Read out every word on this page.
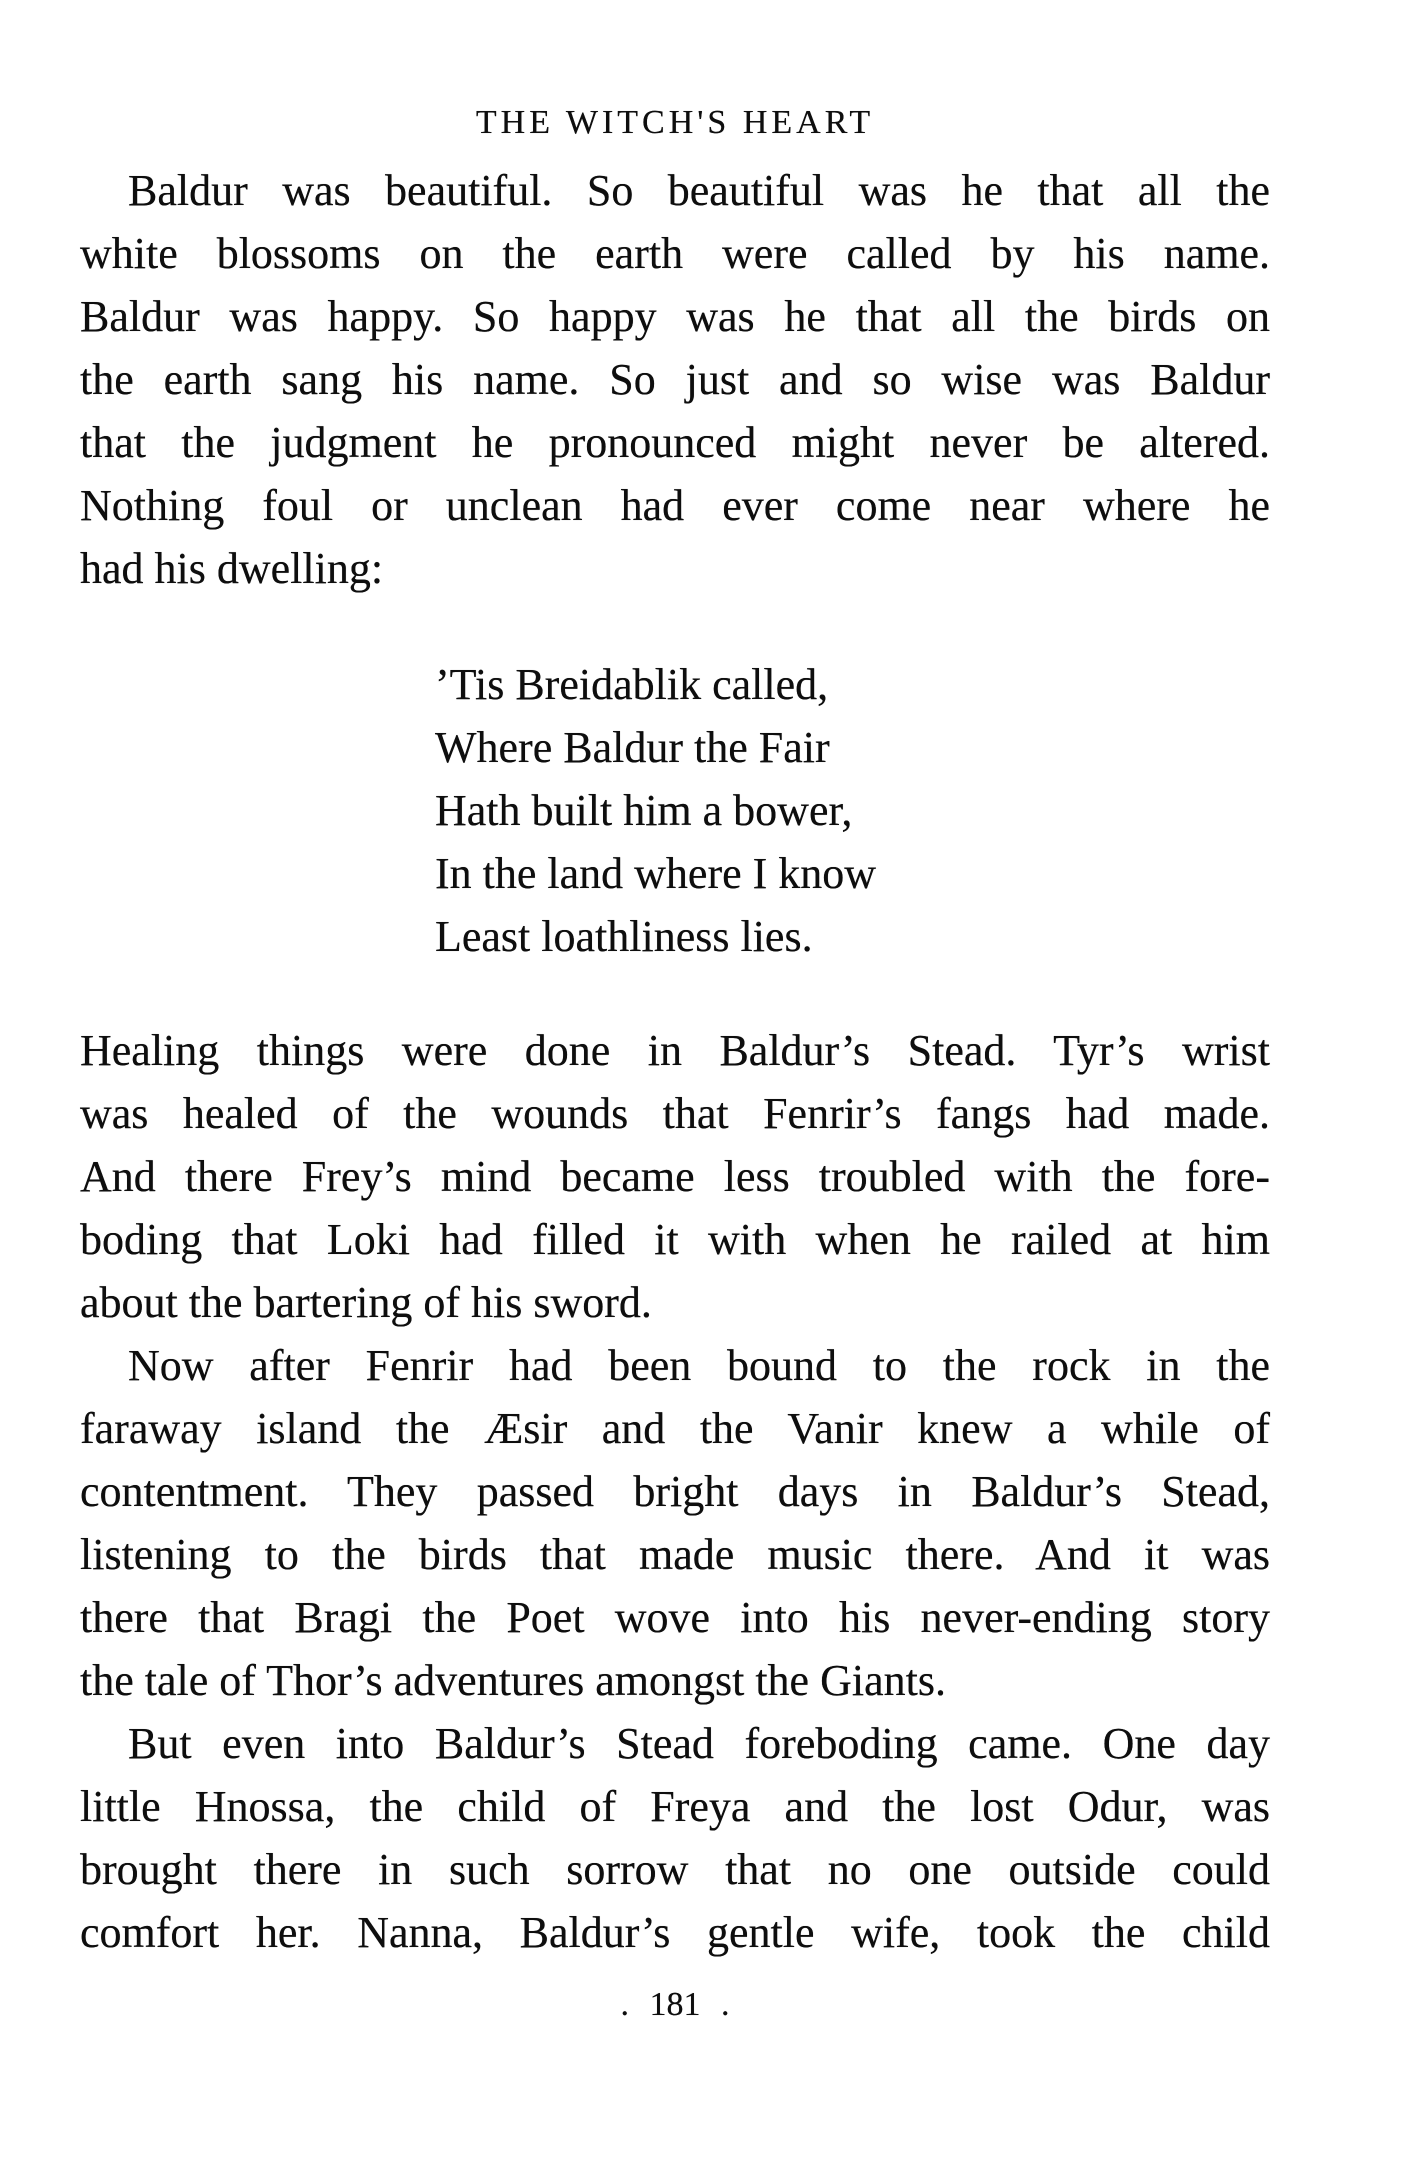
THE WITCH'S HEART
Baldur was beautiful. So beautiful was he that all the
white blossoms on the earth were called by his name.
Baldur was happy. So happy was he that all the birds on
the earth sang his name. So just and so wise was Baldur
that the judgment he pronounced might never be altered.
Nothing foul or unclean had ever come near where he
had his dwelling:
’Tis Breidablik called,
Where Baldur the Fair
Hath built him a bower,
In the land where I know
Least loathliness lies.
Healing things were done in Baldur’s Stead. Tyr’s wrist
was healed of the wounds that Fenrir’s fangs had made.
And there Frey’s mind became less troubled with the fore-
boding that Loki had filled it with when he railed at him
about the bartering of his sword.
Now after Fenrir had been bound to the rock in the
faraway island the Æsir and the Vanir knew a while of
contentment. They passed bright days in Baldur’s Stead,
listening to the birds that made music there. And it was
there that Bragi the Poet wove into his never-ending story
the tale of Thor’s adventures amongst the Giants.
But even into Baldur’s Stead foreboding came. One day
little Hnossa, the child of Freya and the lost Odur, was
brought there in such sorrow that no one outside could
comfort her. Nanna, Baldur’s gentle wife, took the child
. 181 .
